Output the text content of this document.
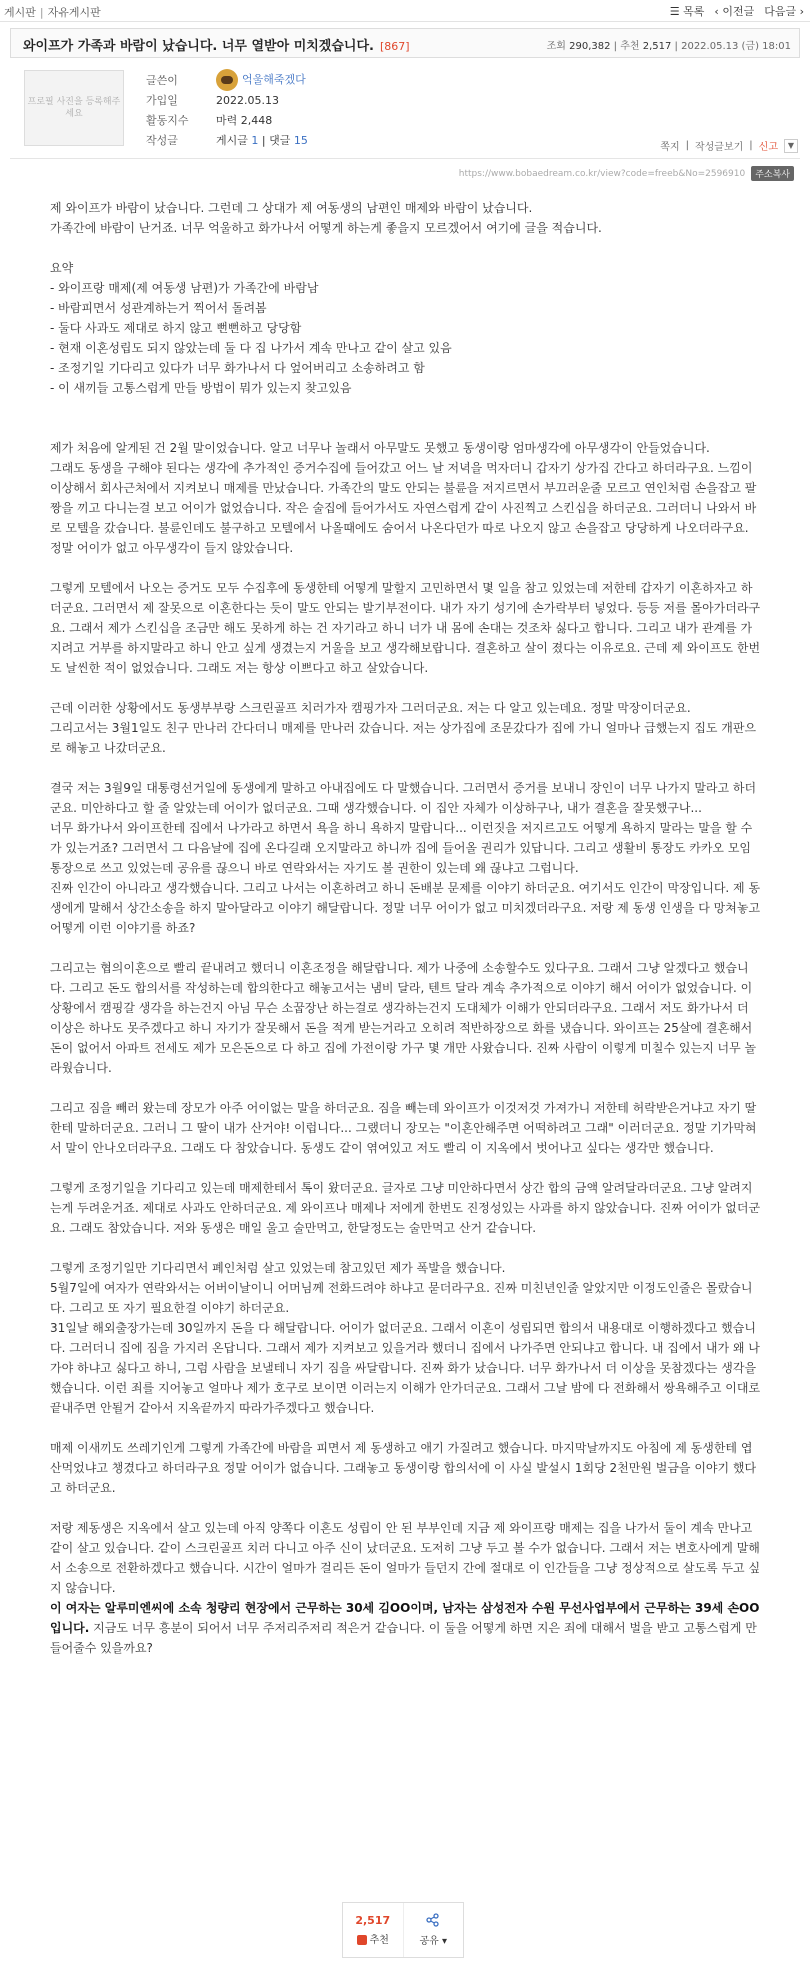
게시판 | 자유게시판	☰ 목록 ‹ 이전글 다음글 ›
와이프가 가족과 바람이 났습니다. 너무 열받아 미치겠습니다. [867]	조회 290,382 | 추천 2,517 | 2022.05.13 (금) 18:01
프로필 사진을 등록해주세요
글쓴이	억울해죽겠다
가입일	2022.05.13
활동지수	마력 2,448
작성글	게시글 1 | 댓글 15
쪽지 | 작성글보기 | 신고	▼
https://www.bobaedream.co.kr/view?code=freeb&No=2596910	주소복사

제 와이프가 바람이 났습니다. 그런데 그 상대가 제 여동생의 남편인 매제와 바람이 났습니다.

가족간에 바람이 난거죠. 너무 억울하고 화가나서 어떻게 하는게 좋을지 모르겠어서 여기에 글을 적습니다.

요약

- 와이프랑 매제(제 여동생 남편)가 가족간에 바람남

- 바람피면서 성관계하는거 찍어서 돌려봄

- 둘다 사과도 제대로 하지 않고 뻔뻔하고 당당함

- 현재 이혼성립도 되지 않았는데 둘 다 집 나가서 계속 만나고 같이 살고 있음

- 조정기일 기다리고 있다가 너무 화가나서 다 엎어버리고 소송하려고 함

- 이 새끼들 고통스럽게 만들 방법이 뭐가 있는지 찾고있음

제가 처음에 알게된 건 2월 말이었습니다. 알고 너무나 놀래서 아무말도 못했고 동생이랑 엄마생각에 아무생각이 안들었습니다.

그래도 동생을 구해야 된다는 생각에 추가적인 증거수집에 들어갔고 어느 날 저녁을 먹자더니 갑자기 상가집 간다고 하더라구요. 느낌이 이상해서 회사근처에서 지켜보니 매제를 만났습니다. 가족간의 말도 안되는 불륜을 저지르면서 부끄러운줄 모르고 연인처럼 손을잡고 팔짱을 끼고 다니는걸 보고 어이가 없었습니다. 작은 술집에 들어가서도 자연스럽게 같이 사진찍고 스킨십을 하더군요. 그러더니 나와서 바로 모텔을 갔습니다. 불륜인데도 불구하고 모텔에서 나올때에도 숨어서 나온다던가 따로 나오지 않고 손을잡고 당당하게 나오더라구요. 정말 어이가 없고 아무생각이 들지 않았습니다.

그렇게 모텔에서 나오는 증거도 모두 수집후에 동생한테 어떻게 말할지 고민하면서 몇 일을 참고 있었는데 저한테 갑자기 이혼하자고 하더군요. 그러면서 제 잘못으로 이혼한다는 듯이 말도 안되는 발기부전이다. 내가 자기 성기에 손가락부터 넣었다. 등등 저를 몰아가더라구요. 그래서 제가 스킨십을 조금만 해도 못하게 하는 건 자기라고 하니 너가 내 몸에 손대는 것조차 싫다고 합니다. 그리고 내가 관계를 가지려고 거부를 하지말라고 하니 안고 싶게 생겼는지 거울을 보고 생각해보랍니다. 결혼하고 살이 졌다는 이유로요. 근데 제 와이프도 한번도 날씬한 적이 없었습니다. 그래도 저는 항상 이쁘다고 하고 살았습니다.

근데 이러한 상황에서도 동생부부랑 스크린골프 치러가자 캠핑가자 그러더군요. 저는 다 알고 있는데요. 정말 막장이더군요.

그리고서는 3월1일도 친구 만나러 간다더니 매제를 만나러 갔습니다. 저는 상가집에 조문갔다가 집에 가니 얼마나 급했는지 집도 개판으로 해놓고 나갔더군요.

결국 저는 3월9일 대통령선거일에 동생에게 말하고 아내집에도 다 말했습니다. 그러면서 증거를 보내니 장인이 너무 나가지 말라고 하더군요. 미안하다고 할 줄 알았는데 어이가 없더군요. 그때 생각했습니다. 이 집안 자체가 이상하구나, 내가 결혼을 잘못했구나...

너무 화가나서 와이프한테 집에서 나가라고 하면서 욕을 하니 욕하지 말랍니다... 이런짓을 저지르고도 어떻게 욕하지 말라는 말을 할 수가 있는거죠? 그러면서 그 다음날에 집에 온다길래 오지말라고 하니까 집에 들어올 권리가 있답니다. 그리고 생활비 통장도 카카오 모임통장으로 쓰고 있었는데 공유를 끊으니 바로 연락와서는 자기도 볼 권한이 있는데 왜 끊냐고 그럽니다.

진짜 인간이 아니라고 생각했습니다. 그리고 나서는 이혼하려고 하니 돈배분 문제를 이야기 하더군요. 여기서도 인간이 막장입니다. 제 동생에게 말해서 상간소송을 하지 말아달라고 이야기 해달랍니다. 정말 너무 어이가 없고 미치겠더라구요. 저랑 제 동생 인생을 다 망쳐놓고 어떻게 이런 이야기를 하죠?

그리고는 협의이혼으로 빨리 끝내려고 했더니 이혼조정을 해달랍니다. 제가 나중에 소송할수도 있다구요. 그래서 그냥 알겠다고 했습니다. 그리고 돈도 합의서를 작성하는데 합의한다고 해놓고서는 냄비 달라, 텐트 달라 계속 추가적으로 이야기 해서 어이가 없었습니다. 이 상황에서 캠핑갈 생각을 하는건지 아님 무슨 소꿉장난 하는걸로 생각하는건지 도대체가 이해가 안되더라구요. 그래서 저도 화가나서 더 이상은 하나도 못주겠다고 하니 자기가 잘못해서 돈을 적게 받는거라고 오히려 적반하장으로 화를 냈습니다. 와이프는 25살에 결혼해서 돈이 없어서 아파트 전세도 제가 모은돈으로 다 하고 집에 가전이랑 가구 몇 개만 사왔습니다. 진짜 사람이 이렇게 미칠수 있는지 너무 놀라웠습니다.

그리고 짐을 빼러 왔는데 장모가 아주 어이없는 말을 하더군요. 짐을 빼는데 와이프가 이것저것 가져가니 저한테 허락받은거냐고 자기 딸한테 말하더군요. 그러니 그 딸이 내가 산거야! 이럽니다... 그랬더니 장모는 "이혼안해주면 어떡하려고 그래" 이러더군요. 정말 기가막혀서 말이 안나오더라구요. 그래도 다 참았습니다. 동생도 같이 엮여있고 저도 빨리 이 지옥에서 벗어나고 싶다는 생각만 했습니다.

그렇게 조정기일을 기다리고 있는데 매제한테서 톡이 왔더군요. 글자로 그냥 미안하다면서 상간 합의 금액 알려달라더군요. 그냥 알려지는게 두려운거죠. 제대로 사과도 안하더군요. 제 와이프나 매제나 저에게 한번도 진정성있는 사과를 하지 않았습니다. 진짜 어이가 없더군요. 그래도 참았습니다. 저와 동생은 매일 울고 술만먹고, 한달정도는 술만먹고 산거 같습니다.

그렇게 조정기일만 기다리면서 폐인처럼 살고 있었는데 참고있던 제가 폭발을 했습니다.

5월7일에 여자가 연락와서는 어버이날이니 어머님께 전화드려야 하냐고 묻더라구요. 진짜 미친년인줄 알았지만 이정도인줄은 몰랐습니다. 그리고 또 자기 필요한걸 이야기 하더군요.

31일날 해외출장가는데 30일까지 돈을 다 해달랍니다. 어이가 없더군요. 그래서 이혼이 성립되면 합의서 내용대로 이행하겠다고 했습니다. 그러더니 집에 짐을 가지러 온답니다. 그래서 제가 지켜보고 있을거라 했더니 집에서 나가주면 안되냐고 합니다. 내 집에서 내가 왜 나가야 하냐고 싫다고 하니, 그럼 사람을 보낼테니 자기 짐을 싸달랍니다. 진짜 화가 났습니다. 너무 화가나서 더 이상을 못참겠다는 생각을 했습니다. 이런 죄를 지어놓고 얼마나 제가 호구로 보이면 이러는지 이해가 안가더군요. 그래서 그날 밤에 다 전화해서 쌍욕해주고 이대로 끝내주면 안될거 같아서 지옥끝까지 따라가주겠다고 했습니다.

매제 이새끼도 쓰레기인게 그렇게 가족간에 바람을 피면서 제 동생하고 애기 가질려고 했습니다. 마지막날까지도 아침에 제 동생한테 엽산먹었냐고 챙겼다고 하더라구요 정말 어이가 없습니다. 그래놓고 동생이랑 합의서에 이 사실 발설시 1회당 2천만원 벌금을 이야기 했다고 하더군요.

저랑 제동생은 지옥에서 살고 있는데 아직 양쪽다 이혼도 성립이 안 된 부부인데 지금 제 와이프랑 매제는 집을 나가서 둘이 계속 만나고 같이 살고 있습니다. 같이 스크린골프 치러 다니고 아주 신이 났더군요. 도저히 그냥 두고 볼 수가 없습니다. 그래서 저는 변호사에게 말해서 소송으로 전환하겠다고 했습니다. 시간이 얼마가 걸리든 돈이 얼마가 들던지 간에 절대로 이 인간들을 그냥 정상적으로 살도록 두고 싶지 않습니다.

이 여자는 알루미엔씨에 소속 청량리 현장에서 근무하는 30세 김OO이며, 남자는 삼성전자 수원 무선사업부에서 근무하는 39세 손OO입니다. 지금도 너무 흥분이 되어서 너무 주저리주저리 적은거 같습니다. 이 둘을 어떻게 하면 지은 죄에 대해서 벌을 받고 고통스럽게 만들어줄수 있을까요?

2,517
추천	공유 ▾
